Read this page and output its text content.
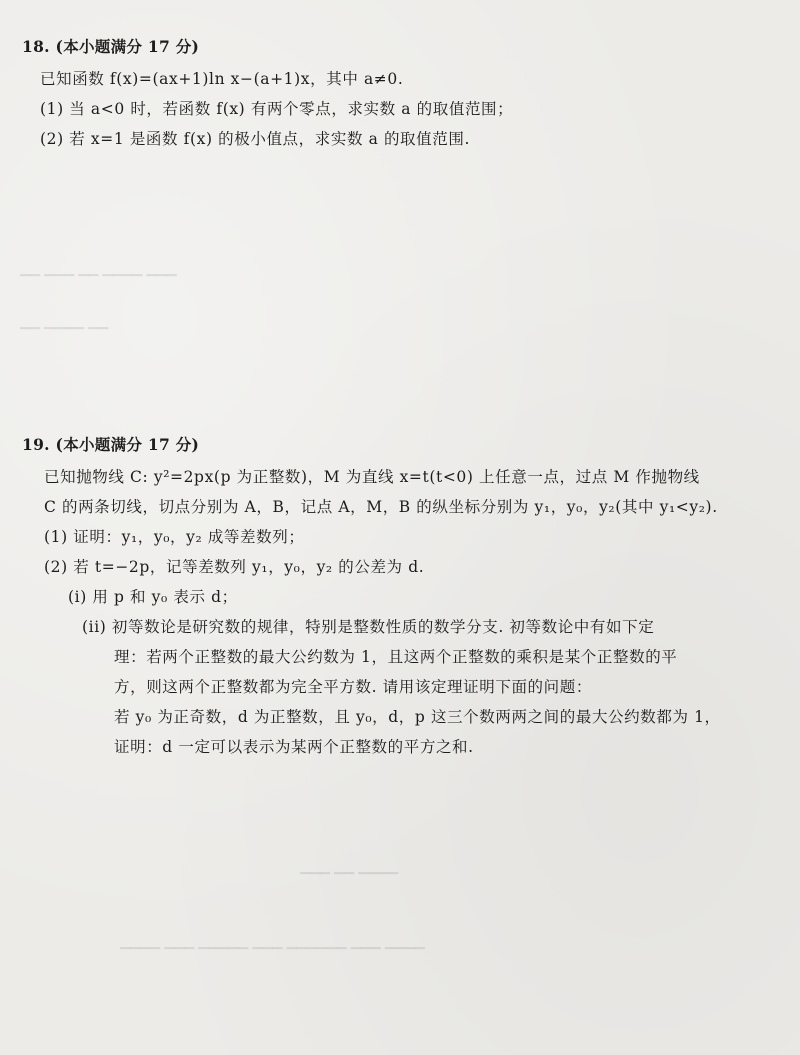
▁▁ ▁▁▁ ▁▁ ▁▁▁▁ ▁▁▁
▁▁ ▁▁▁▁ ▁▁
▁▁▁ ▁▁ ▁▁▁▁
▁▁▁▁ ▁▁▁ ▁▁▁▁▁ ▁▁▁ ▁▁▁▁▁▁ ▁▁▁ ▁▁▁▁

18. (本小题满分 17 分)

已知函数 f(x)=(ax+1)ln x−(a+1)x，其中 a≠0.

(1) 当 a<0 时，若函数 f(x) 有两个零点，求实数 a 的取值范围；

(2) 若 x=1 是函数 f(x) 的极小值点，求实数 a 的取值范围.

19. (本小题满分 17 分)

已知抛物线 C: y²=2px(p 为正整数)，M 为直线 x=t(t<0) 上任意一点，过点 M 作抛物线

C 的两条切线，切点分别为 A，B，记点 A，M，B 的纵坐标分别为 y₁，y₀，y₂(其中 y₁<y₂).

(1) 证明：y₁，y₀，y₂ 成等差数列；

(2) 若 t=−2p，记等差数列 y₁，y₀，y₂ 的公差为 d.

(i) 用 p 和 y₀ 表示 d；

(ii) 初等数论是研究数的规律，特别是整数性质的数学分支. 初等数论中有如下定

理：若两个正整数的最大公约数为 1，且这两个正整数的乘积是某个正整数的平

方，则这两个正整数都为完全平方数. 请用该定理证明下面的问题：

若 y₀ 为正奇数，d 为正整数，且 y₀，d，p 这三个数两两之间的最大公约数都为 1，

证明：d 一定可以表示为某两个正整数的平方之和.
